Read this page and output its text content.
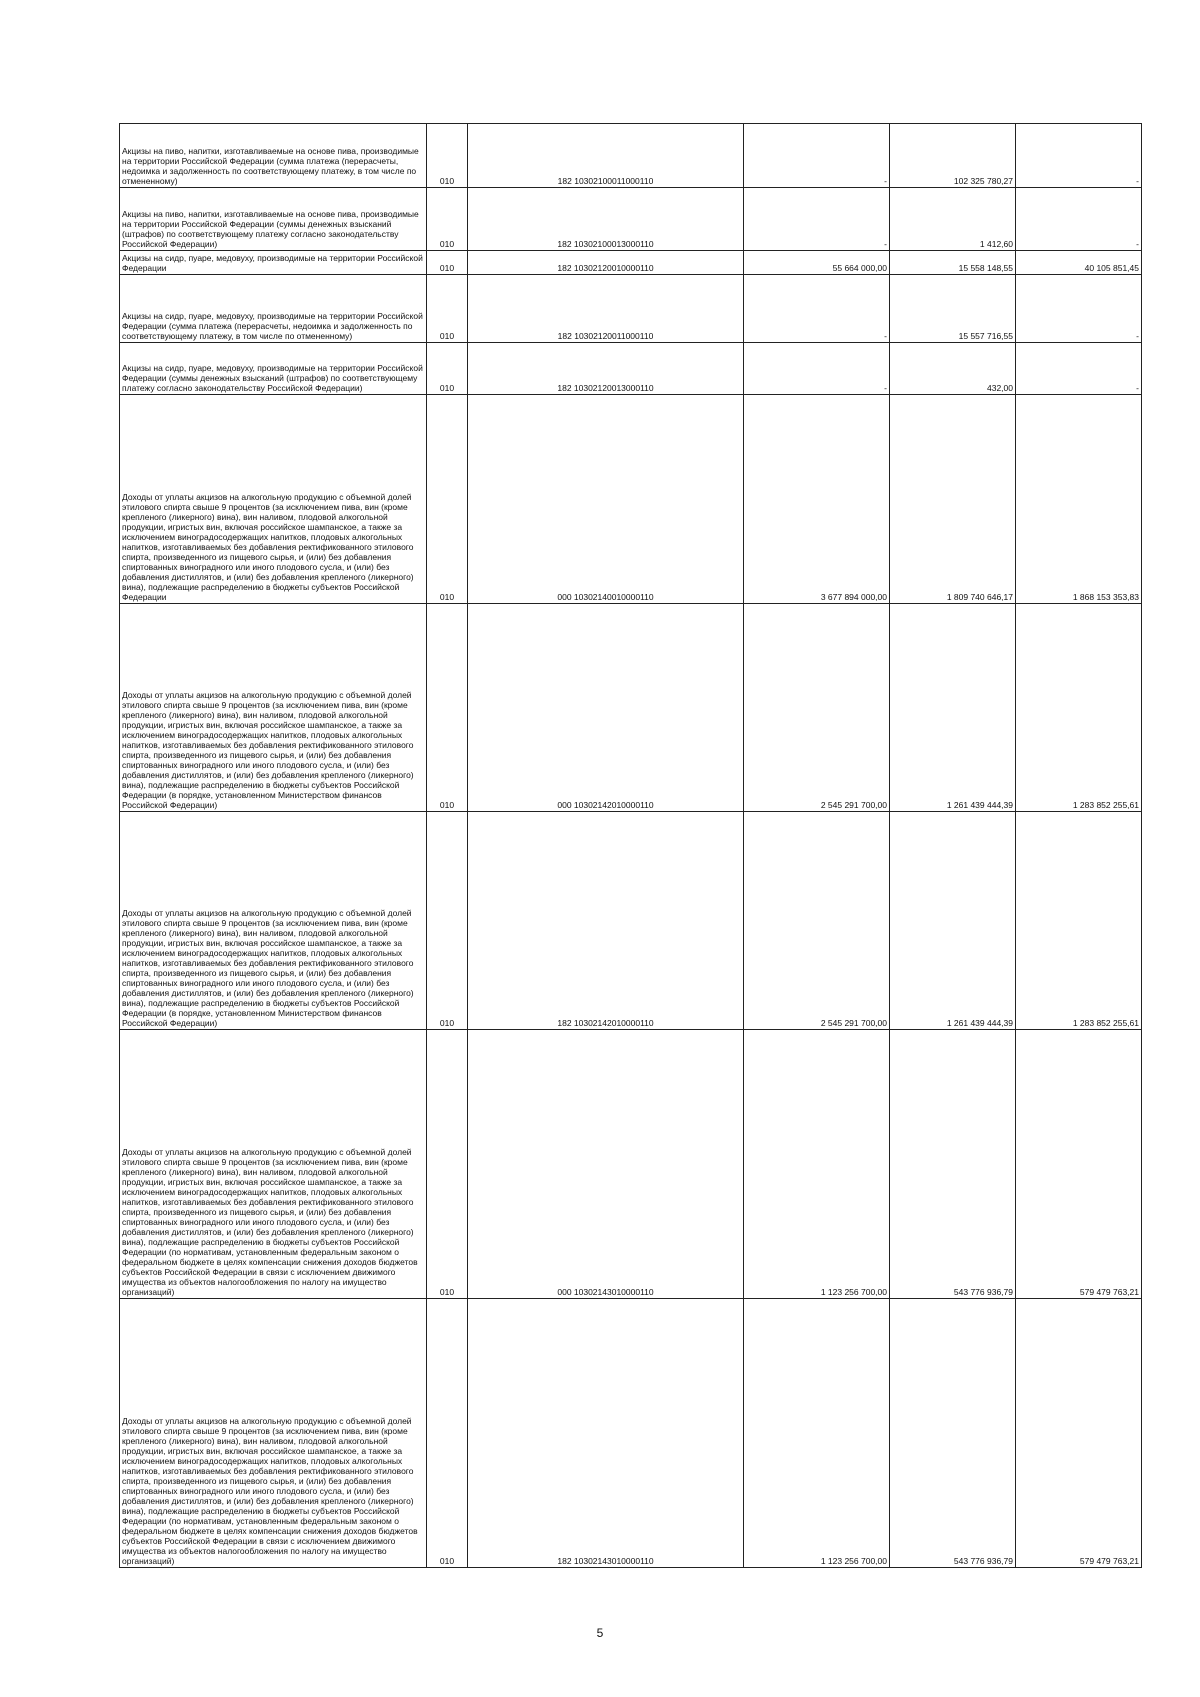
Акцизы на пиво, напитки, изготавливаемые на основе пива, производимые на территории Российской Федерации (сумма платежа (перерасчеты, недоимка и задолженность по соответствующему платежу, в том числе по отмененному)	010	182 10302100011000110	-	102 325 780,27	-
Акцизы на пиво, напитки, изготавливаемые на основе пива, производимые на территории Российской Федерации (суммы денежных взысканий (штрафов) по соответствующему платежу согласно законодательству Российской Федерации)	010	182 10302100013000110	-	1 412,60	-
Акцизы на сидр, пуаре, медовуху, производимые на территории Российской Федерации	010	182 10302120010000110	55 664 000,00	15 558 148,55	40 105 851,45
Акцизы на сидр, пуаре, медовуху, производимые на территории Российской Федерации (сумма платежа (перерасчеты, недоимка и задолженность по соответствующему платежу, в том числе по отмененному)	010	182 10302120011000110	-	15 557 716,55	-
Акцизы на сидр, пуаре, медовуху, производимые на территории Российской Федерации (суммы денежных взысканий (штрафов) по соответствующему платежу согласно законодательству Российской Федерации)	010	182 10302120013000110	-	432,00	-
Доходы от уплаты акцизов на алкогольную продукцию с объемной долей этилового спирта свыше 9 процентов (за исключением пива, вин (кроме крепленого (ликерного) вина), вин наливом, плодовой алкогольной продукции, игристых вин, включая российское шампанское, а также за исключением виноградосодержащих напитков, плодовых алкогольных напитков, изготавливаемых без добавления ректификованного этилового спирта, произведенного из пищевого сырья, и (или) без добавления спиртованных виноградного или иного плодового сусла, и (или) без добавления дистиллятов, и (или) без добавления крепленого (ликерного) вина), подлежащие распределению в бюджеты субъектов Российской Федерации	010	000 10302140010000110	3 677 894 000,00	1 809 740 646,17	1 868 153 353,83
Доходы от уплаты акцизов на алкогольную продукцию с объемной долей этилового спирта свыше 9 процентов (за исключением пива, вин (кроме крепленого (ликерного) вина), вин наливом, плодовой алкогольной продукции, игристых вин, включая российское шампанское, а также за исключением виноградосодержащих напитков, плодовых алкогольных напитков, изготавливаемых без добавления ректификованного этилового спирта, произведенного из пищевого сырья, и (или) без добавления спиртованных виноградного или иного плодового сусла, и (или) без добавления дистиллятов, и (или) без добавления крепленого (ликерного) вина), подлежащие распределению в бюджеты субъектов Российской Федерации (в порядке, установленном Министерством финансов Российской Федерации)	010	000 10302142010000110	2 545 291 700,00	1 261 439 444,39	1 283 852 255,61
Доходы от уплаты акцизов на алкогольную продукцию с объемной долей этилового спирта свыше 9 процентов (за исключением пива, вин (кроме крепленого (ликерного) вина), вин наливом, плодовой алкогольной продукции, игристых вин, включая российское шампанское, а также за исключением виноградосодержащих напитков, плодовых алкогольных напитков, изготавливаемых без добавления ректификованного этилового спирта, произведенного из пищевого сырья, и (или) без добавления спиртованных виноградного или иного плодового сусла, и (или) без добавления дистиллятов, и (или) без добавления крепленого (ликерного) вина), подлежащие распределению в бюджеты субъектов Российской Федерации (в порядке, установленном Министерством финансов Российской Федерации)	010	182 10302142010000110	2 545 291 700,00	1 261 439 444,39	1 283 852 255,61
Доходы от уплаты акцизов на алкогольную продукцию с объемной долей этилового спирта свыше 9 процентов (за исключением пива, вин (кроме крепленого (ликерного) вина), вин наливом, плодовой алкогольной продукции, игристых вин, включая российское шампанское, а также за исключением виноградосодержащих напитков, плодовых алкогольных напитков, изготавливаемых без добавления ректификованного этилового спирта, произведенного из пищевого сырья, и (или) без добавления спиртованных виноградного или иного плодового сусла, и (или) без добавления дистиллятов, и (или) без добавления крепленого (ликерного) вина), подлежащие распределению в бюджеты субъектов Российской Федерации (по нормативам, установленным федеральным законом о федеральном бюджете в целях компенсации снижения доходов бюджетов субъектов Российской Федерации в связи с исключением движимого имущества из объектов налогообложения по налогу на имущество организаций)	010	000 10302143010000110	1 123 256 700,00	543 776 936,79	579 479 763,21
Доходы от уплаты акцизов на алкогольную продукцию с объемной долей этилового спирта свыше 9 процентов (за исключением пива, вин (кроме крепленого (ликерного) вина), вин наливом, плодовой алкогольной продукции, игристых вин, включая российское шампанское, а также за исключением виноградосодержащих напитков, плодовых алкогольных напитков, изготавливаемых без добавления ректификованного этилового спирта, произведенного из пищевого сырья, и (или) без добавления спиртованных виноградного или иного плодового сусла, и (или) без добавления дистиллятов, и (или) без добавления крепленого (ликерного) вина), подлежащие распределению в бюджеты субъектов Российской Федерации (по нормативам, установленным федеральным законом о федеральном бюджете в целях компенсации снижения доходов бюджетов субъектов Российской Федерации в связи с исключением движимого имущества из объектов налогообложения по налогу на имущество организаций)	010	182 10302143010000110	1 123 256 700,00	543 776 936,79	579 479 763,21
5
